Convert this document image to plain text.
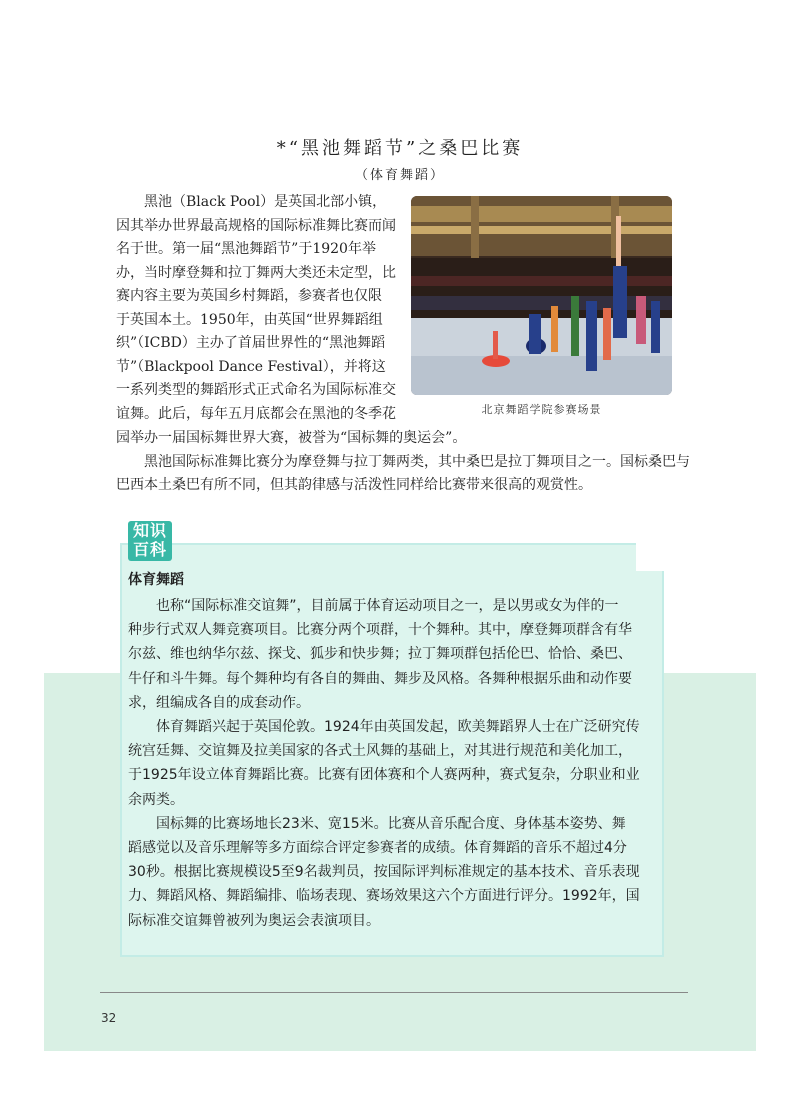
*“黑池舞蹈节”之桑巴比赛
（体育舞蹈）
　　黑池（Black Pool）是英国北部小镇，
因其举办世界最高规格的国际标准舞比赛而闻
名于世。第一届“黑池舞蹈节”于1920年举
办，当时摩登舞和拉丁舞两大类还未定型，比
赛内容主要为英国乡村舞蹈，参赛者也仅限
于英国本土。1950年，由英国“世界舞蹈组
织”（ICBD）主办了首届世界性的“黑池舞蹈
节”（Blackpool Dance Festival），并将这
一系列类型的舞蹈形式正式命名为国际标准交
谊舞。此后，每年五月底都会在黑池的冬季花	北京舞蹈学院参赛场景
园举办一届国标舞世界大赛，被誉为“国标舞的奥运会”。

黑池国际标准舞比赛分为摩登舞与拉丁舞两类，其中桑巴是拉丁舞项目之一。国标桑巴与巴西本土桑巴有所不同，但其韵律感与活泼性同样给比赛带来很高的观赏性。

知识
百科
体育舞蹈
　　也称“国际标准交谊舞”，目前属于体育运动项目之一，是以男或女为伴的一
种步行式双人舞竞赛项目。比赛分两个项群，十个舞种。其中，摩登舞项群含有华
尔兹、维也纳华尔兹、探戈、狐步和快步舞；拉丁舞项群包括伦巴、恰恰、桑巴、
牛仔和斗牛舞。每个舞种均有各自的舞曲、舞步及风格。各舞种根据乐曲和动作要
求，组编成各自的成套动作。
　　体育舞蹈兴起于英国伦敦。1924年由英国发起，欧美舞蹈界人士在广泛研究传
统宫廷舞、交谊舞及拉美国家的各式土风舞的基础上，对其进行规范和美化加工，
于1925年设立体育舞蹈比赛。比赛有团体赛和个人赛两种，赛式复杂，分职业和业
余两类。
　　国标舞的比赛场地长23米、宽15米。比赛从音乐配合度、身体基本姿势、舞
蹈感觉以及音乐理解等多方面综合评定参赛者的成绩。体育舞蹈的音乐不超过4分
30秒。根据比赛规模设5至9名裁判员，按国际评判标准规定的基本技术、音乐表现
力、舞蹈风格、舞蹈编排、临场表现、赛场效果这六个方面进行评分。1992年，国
际标准交谊舞曾被列为奥运会表演项目。
32
